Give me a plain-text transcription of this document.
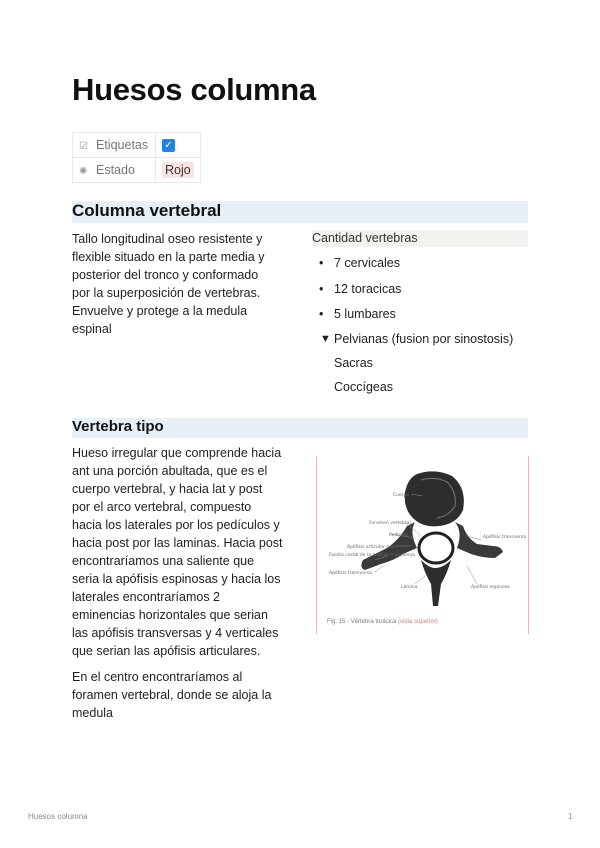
Huesos columna
☑ Etiquetas	✓
✺ Estado	Rojo
Columna vertebral

Tallo longitudinal oseo resistente y
flexible situado en la parte media y
posterior del tronco y conformado
por la superposición de vertebras.
Envuelve y protege a la medula
espinal

Cantidad vertebras
• 7 cervicales
• 12 toracicas
• 5 lumbares
▼ Pelvianas (fusion por sinostosis)
Sacras
Coccígeas
Vertebra tipo

Hueso irregular que comprende hacia
ant una porción abultada, que es el
cuerpo vertebral, y hacia lat y post
por el arco vertebral, compuesto
hacia los laterales por los pedículos y
hacia post por las laminas. Hacia post
encontraríamos una saliente que
seria la apófisis espinosas y hacia los
laterales encontraríamos 2
eminencias horizontales que serian
las apófisis transversas y 4 verticales
que serian las apófisis articulares.

En el centro encontraríamos al
foramen vertebral, donde se aloja la
medula

Cuerpo
Foramen vertebral
Pedículo
Apófisis articular sup.
Faceta costal de la apófisis transversa
Apófisis transversa
Lámina	Apófisis espinosa
Apófisis transversa
Fig. 15 - Vértebra torácica (vista superior)
Huesos columna	1
